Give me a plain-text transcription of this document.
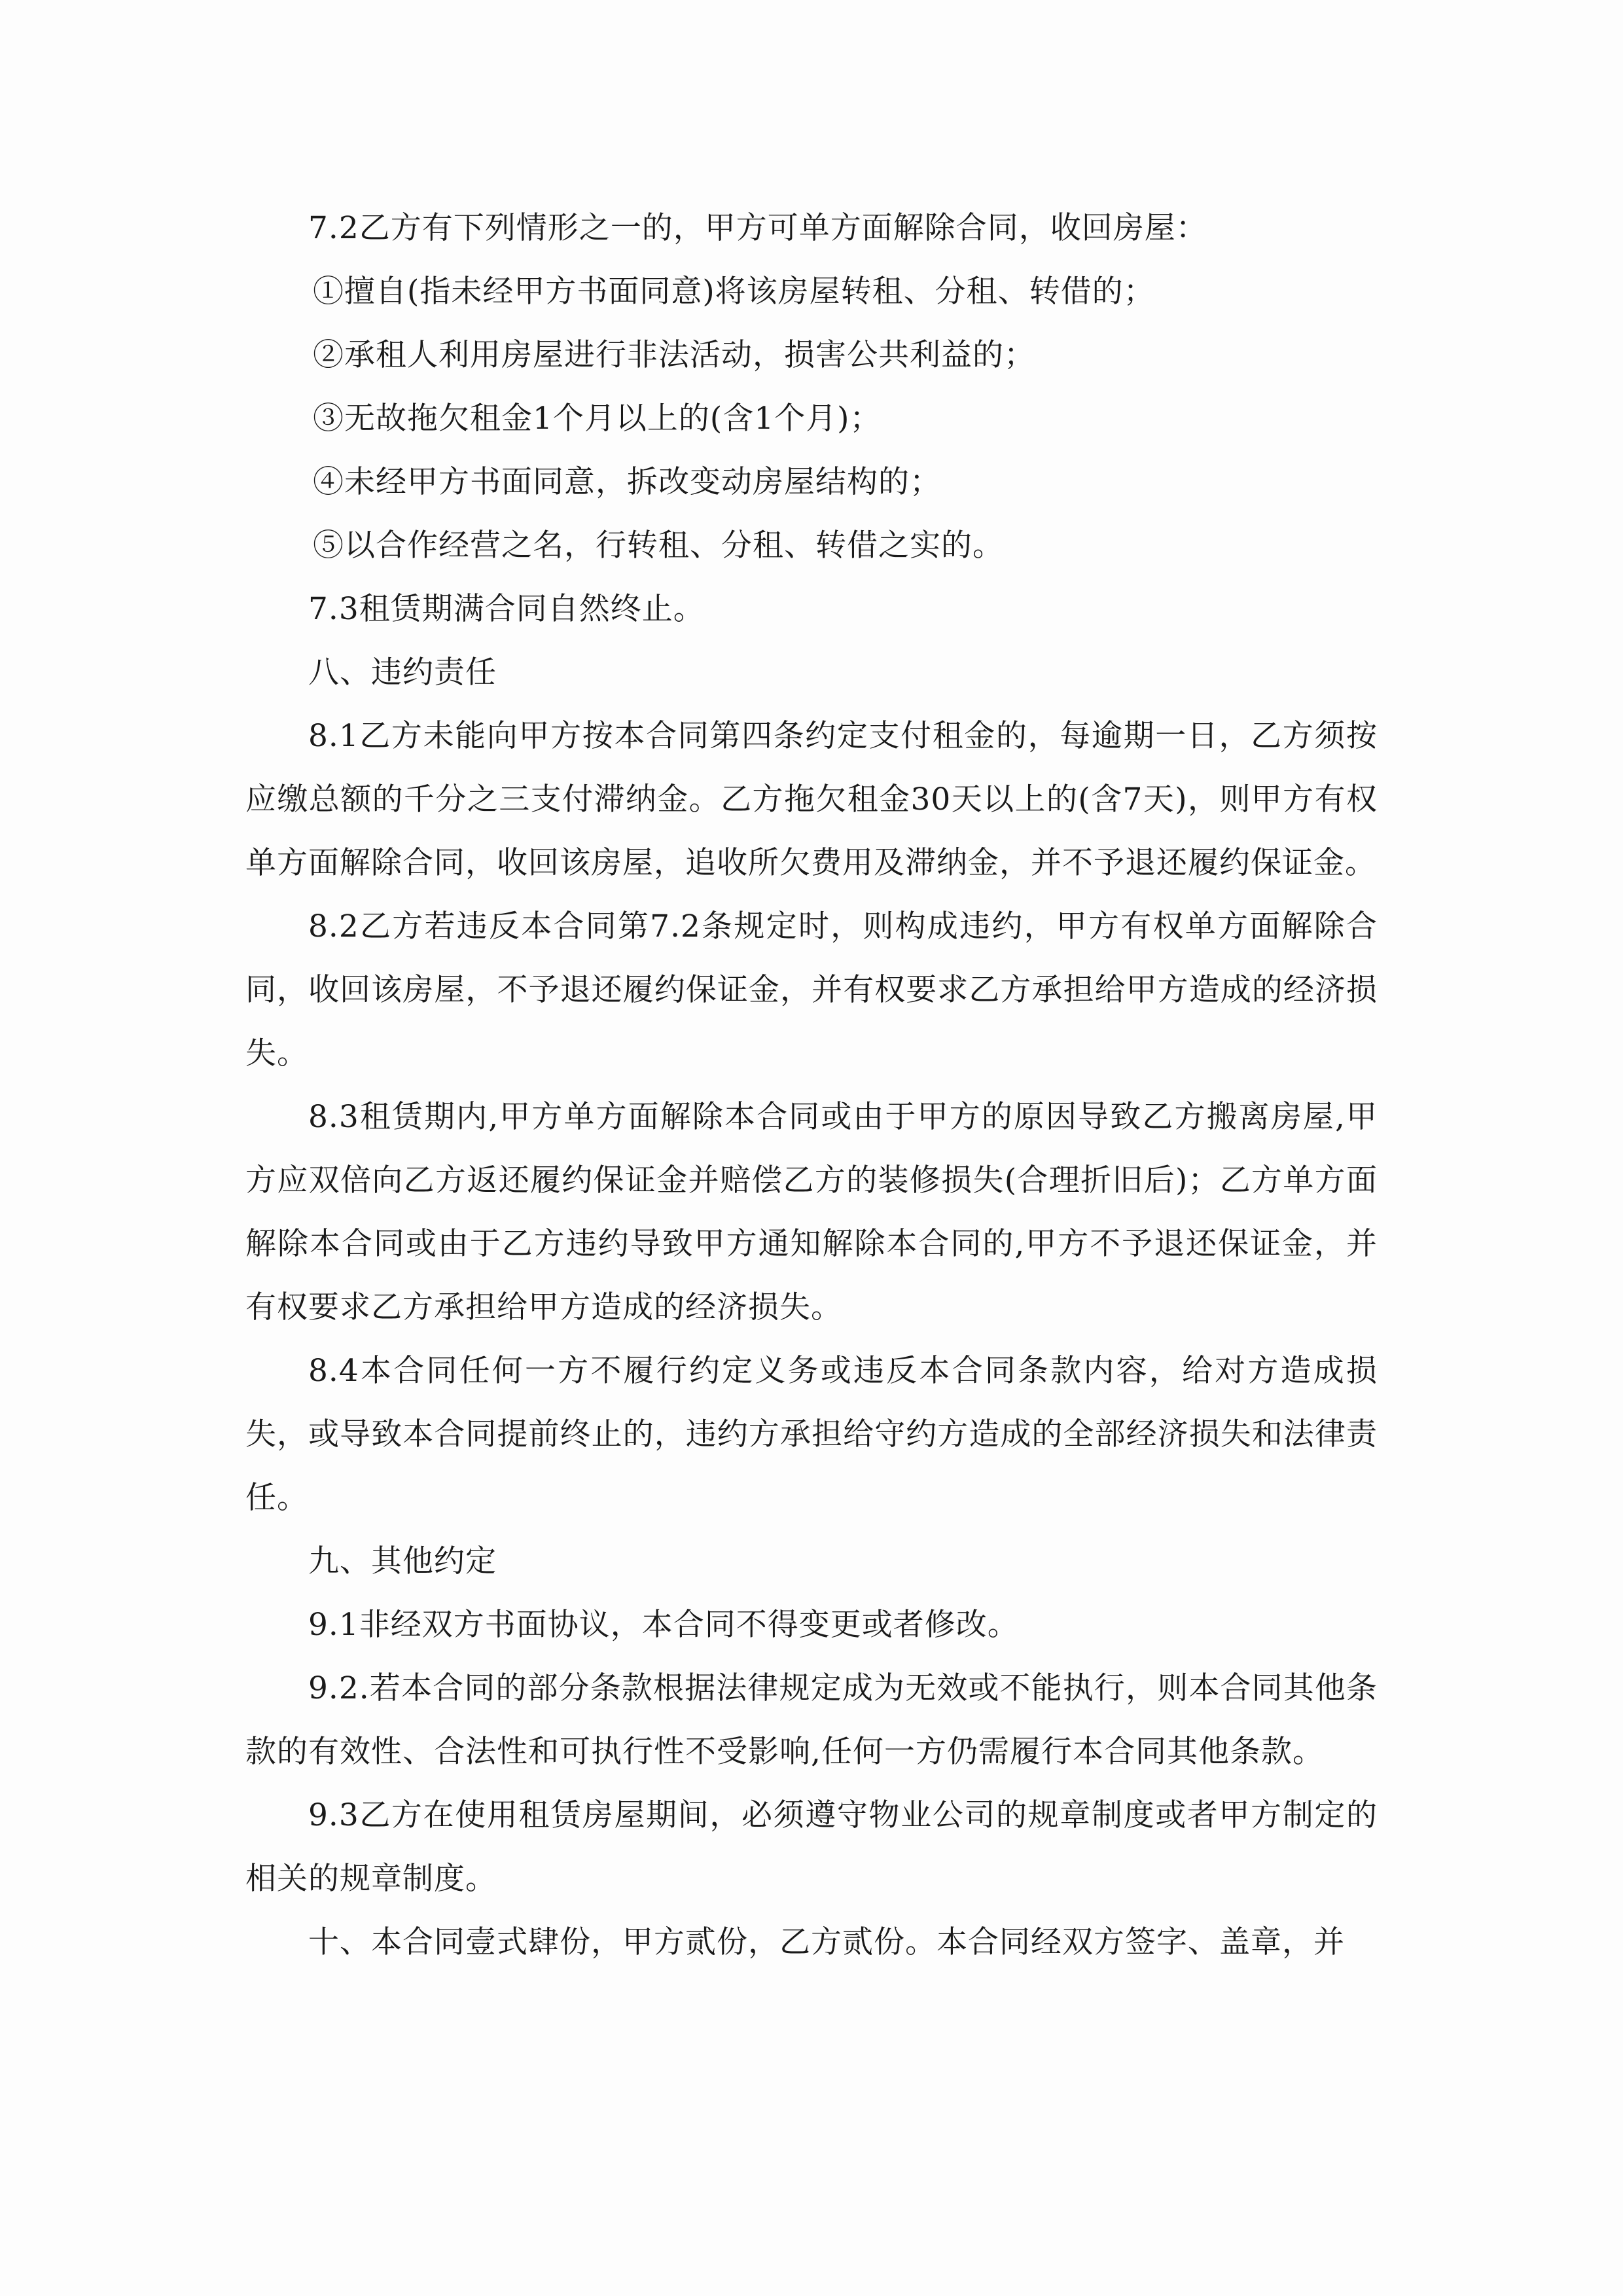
7.2乙方有下列情形之一的，甲方可单方面解除合同，收回房屋：

①擅自(指未经甲方书面同意)将该房屋转租、分租、转借的；

②承租人利用房屋进行非法活动，损害公共利益的；

③无故拖欠租金1个月以上的(含1个月)；

④未经甲方书面同意，拆改变动房屋结构的；

⑤以合作经营之名，行转租、分租、转借之实的。

7.3租赁期满合同自然终止。

八、违约责任

8.1乙方未能向甲方按本合同第四条约定支付租金的，每逾期一日，乙方须按应缴总额的千分之三支付滞纳金。乙方拖欠租金30天以上的(含7天)，则甲方有权单方面解除合同，收回该房屋，追收所欠费用及滞纳金，并不予退还履约保证金。

8.2乙方若违反本合同第7.2条规定时，则构成违约，甲方有权单方面解除合同，收回该房屋，不予退还履约保证金，并有权要求乙方承担给甲方造成的经济损失。

8.3租赁期内,甲方单方面解除本合同或由于甲方的原因导致乙方搬离房屋,甲方应双倍向乙方返还履约保证金并赔偿乙方的装修损失(合理折旧后)；乙方单方面解除本合同或由于乙方违约导致甲方通知解除本合同的,甲方不予退还保证金，并有权要求乙方承担给甲方造成的经济损失。

8.4本合同任何一方不履行约定义务或违反本合同条款内容，给对方造成损失，或导致本合同提前终止的，违约方承担给守约方造成的全部经济损失和法律责任。

九、其他约定

9.1非经双方书面协议，本合同不得变更或者修改。

9.2.若本合同的部分条款根据法律规定成为无效或不能执行，则本合同其他条款的有效性、合法性和可执行性不受影响,任何一方仍需履行本合同其他条款。

9.3乙方在使用租赁房屋期间，必须遵守物业公司的规章制度或者甲方制定的相关的规章制度。

十、本合同壹式肆份，甲方贰份，乙方贰份。本合同经双方签字、盖章，并
